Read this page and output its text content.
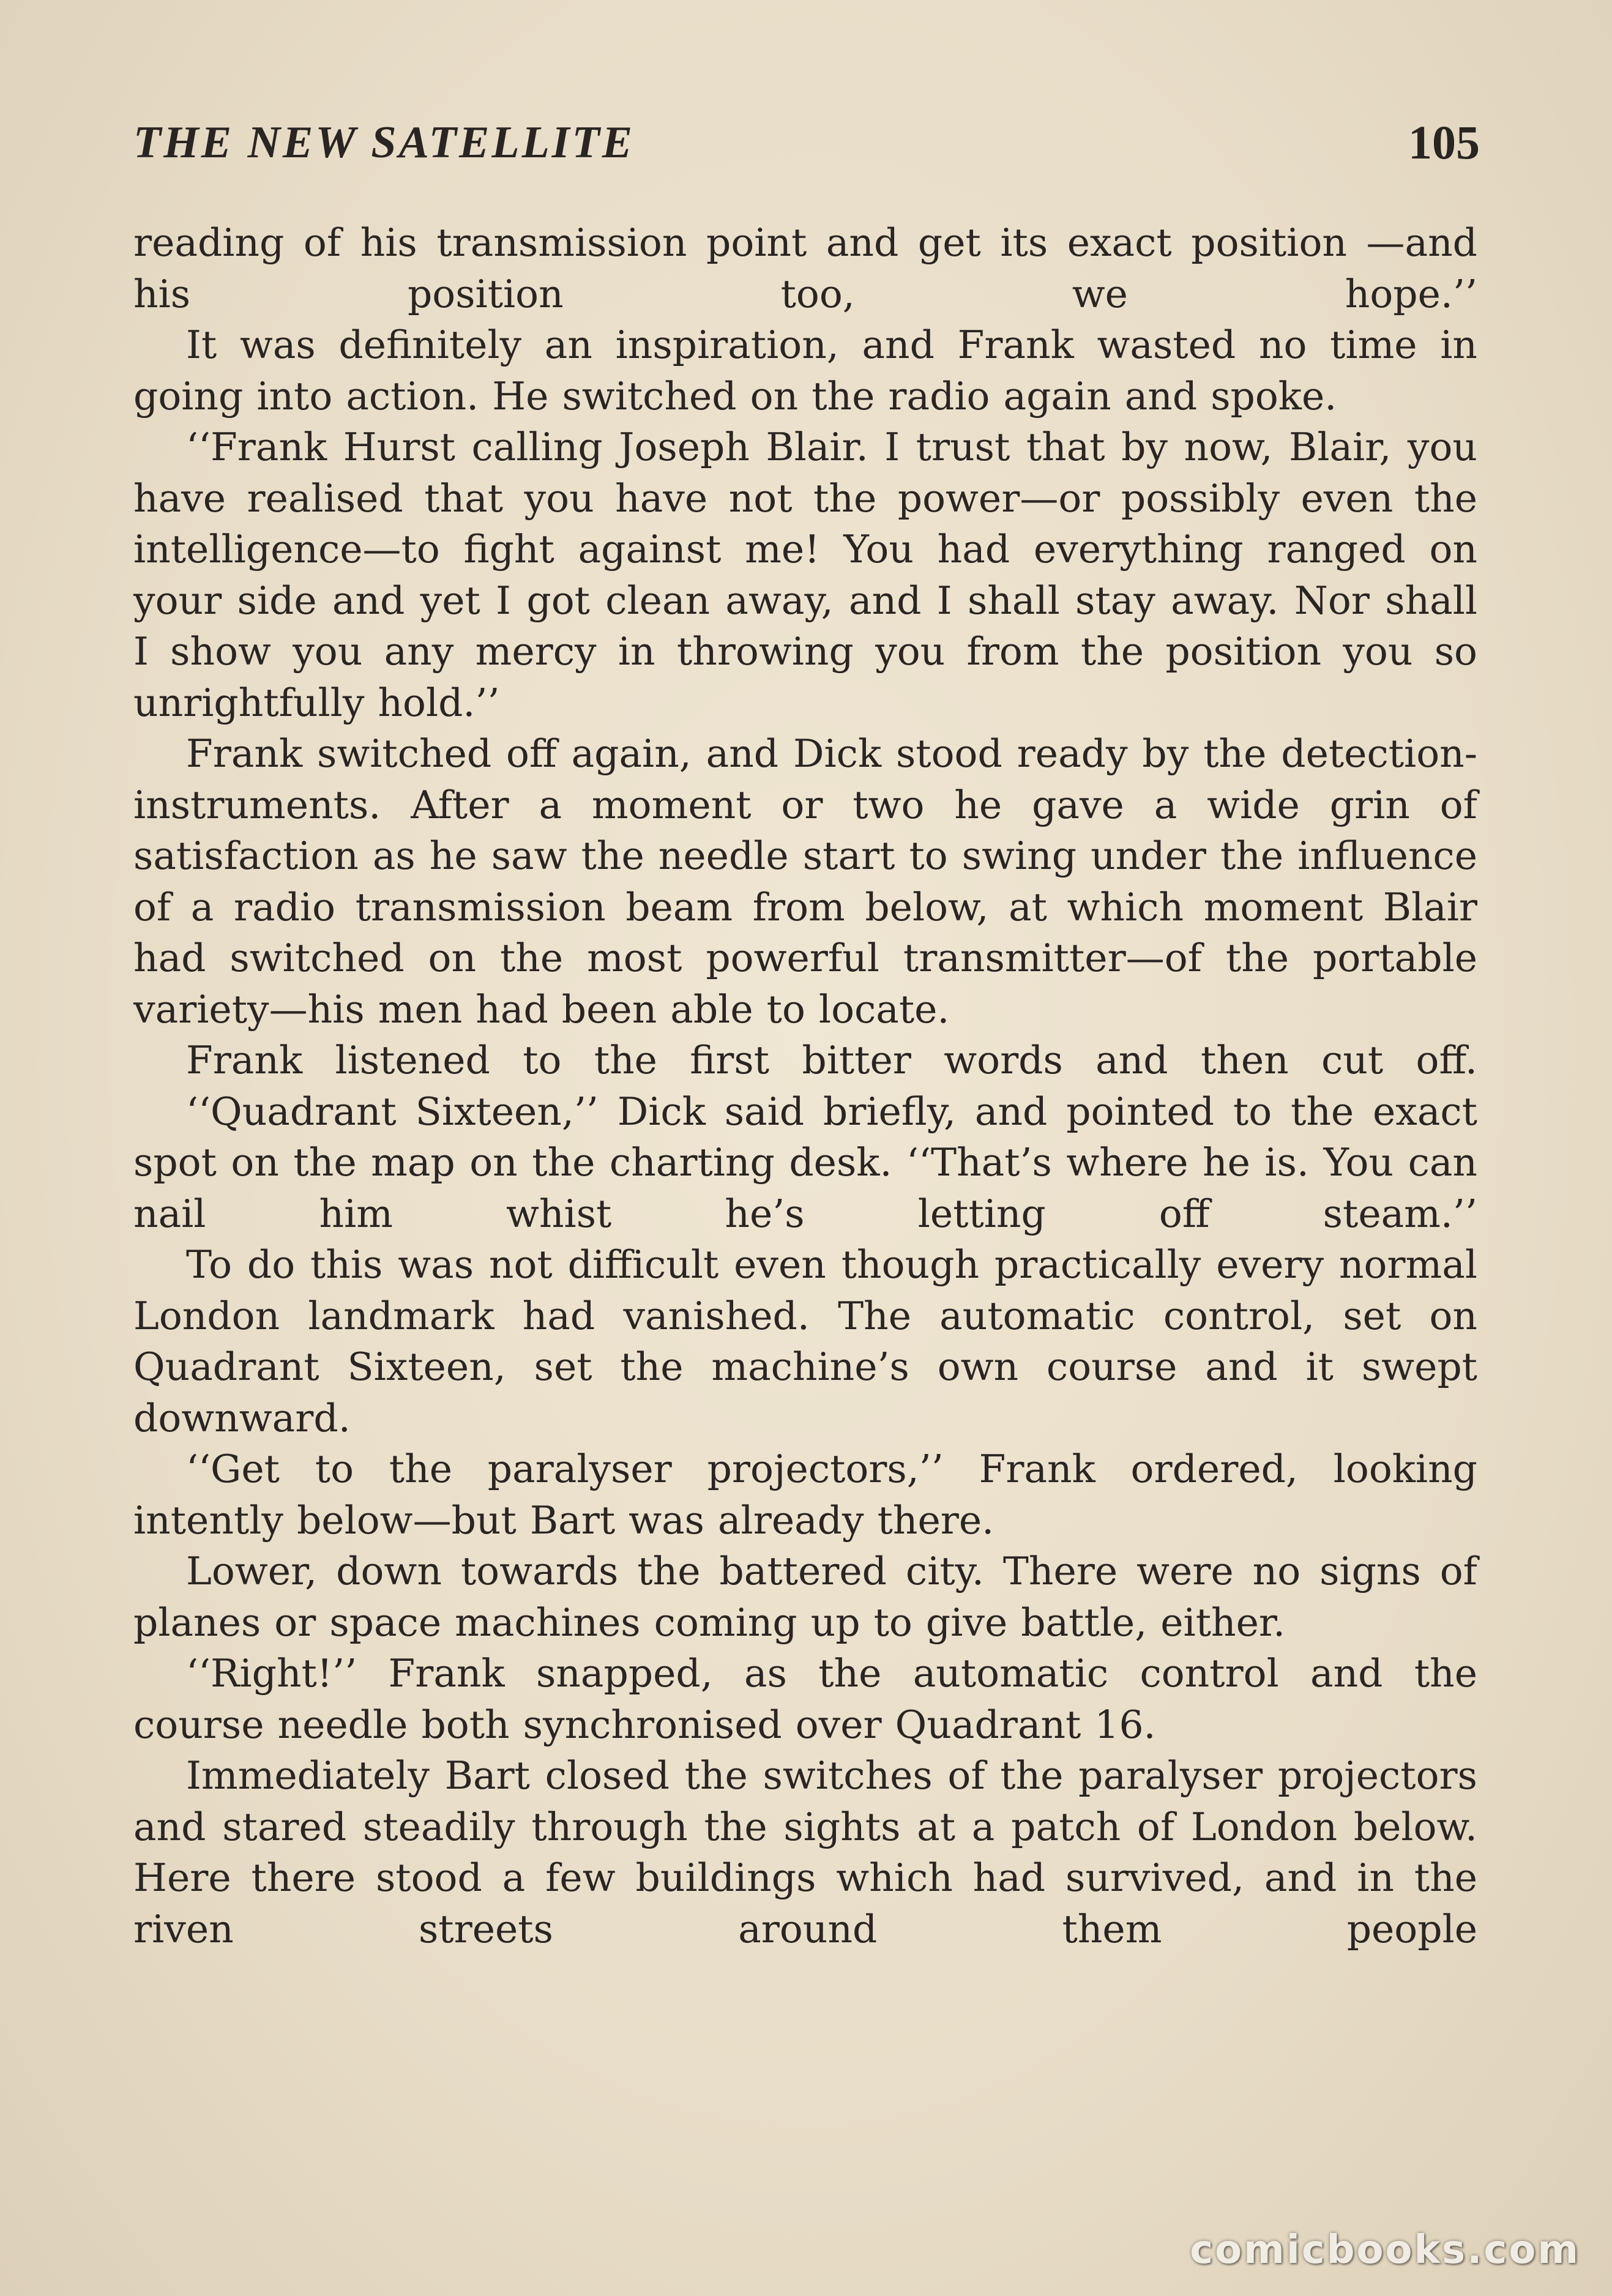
THE NEW SATELLITE	105

reading of his transmission point and get its exact position —and his position too, we hope.’’

It was definitely an inspiration, and Frank wasted no time in going into action. He switched on the radio again and spoke.

‘‘Frank Hurst calling Joseph Blair. I trust that by now, Blair, you have realised that you have not the power—or possibly even the intelligence—to fight against me! You had everything ranged on your side and yet I got clean away, and I shall stay away. Nor shall I show you any mercy in throwing you from the position you so unrightfully hold.’’

Frank switched off again, and Dick stood ready by the detection-instruments. After a moment or two he gave a wide grin of satisfaction as he saw the needle start to swing under the influence of a radio transmission beam from below, at which moment Blair had switched on the most powerful transmitter—of the portable variety—his men had been able to locate.

Frank listened to the first bitter words and then cut off.

‘‘Quadrant Sixteen,’’ Dick said briefly, and pointed to the exact spot on the map on the charting desk. ‘‘That’s where he is. You can nail him whist he’s letting off steam.’’

To do this was not difficult even though practically every normal London landmark had vanished. The automatic control, set on Quadrant Sixteen, set the machine’s own course and it swept downward.

‘‘Get to the paralyser projectors,’’ Frank ordered, looking intently below—but Bart was already there.

Lower, down towards the battered city. There were no signs of planes or space machines coming up to give battle, either.

‘‘Right!’’ Frank snapped, as the automatic control and the course needle both synchronised over Quadrant 16.

Immediately Bart closed the switches of the paralyser projectors and stared steadily through the sights at a patch of London below. Here there stood a few buildings which had survived, and in the riven streets around them people

comicbooks.com
